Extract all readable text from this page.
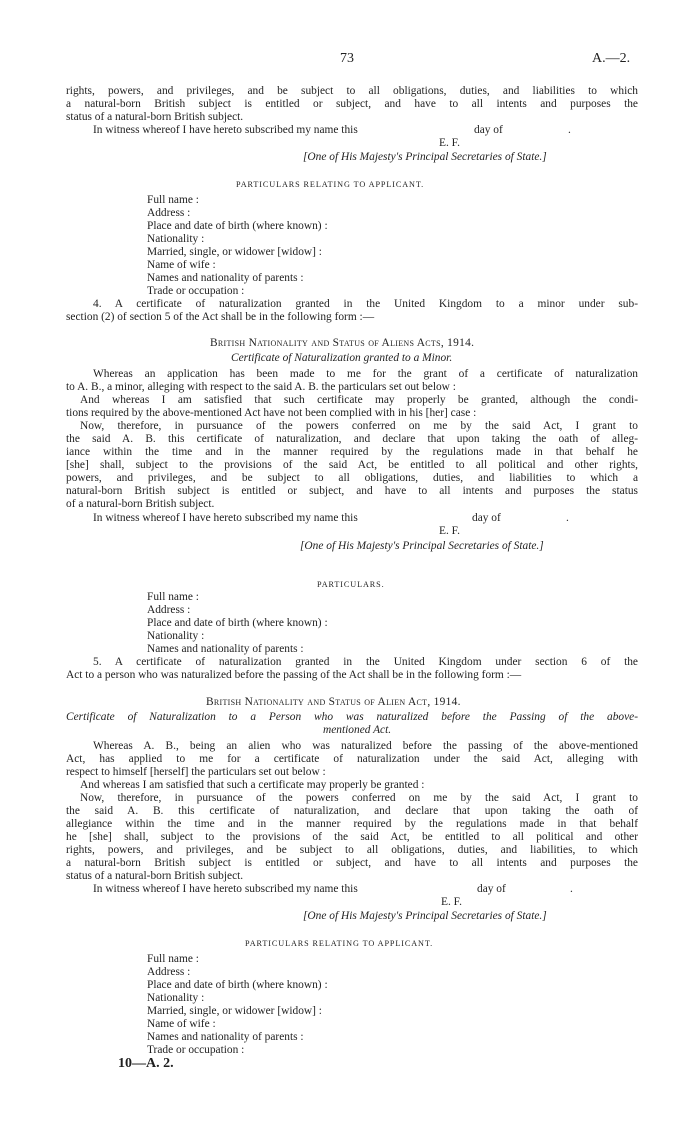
73	A.—2.
rights, powers, and privileges, and be subject to all obligations, duties, and liabilities to which
a natural-born British subject is entitled or subject, and have to all intents and purposes the
status of a natural-born British subject.
In witness whereof I have hereto subscribed my name this	day of	.
E. F.
[One of His Majesty's Principal Secretaries of State.]
PARTICULARS RELATING TO APPLICANT.
Full name :
Address :
Place and date of birth (where known) :
Nationality :
Married, single, or widower [widow] :
Name of wife :
Names and nationality of parents :
Trade or occupation :
4. A certificate of naturalization granted in the United Kingdom to a minor under sub-
section (2) of section 5 of the Act shall be in the following form :—
British Nationality and Status of Aliens Acts, 1914.
Certificate of Naturalization granted to a Minor.
Whereas an application has been made to me for the grant of a certificate of naturalization
to A. B., a minor, alleging with respect to the said A. B. the particulars set out below :
And whereas I am satisfied that such certificate may properly be granted, although the condi-
tions required by the above-mentioned Act have not been complied with in his [her] case :
Now, therefore, in pursuance of the powers conferred on me by the said Act, I grant to
the said A. B. this certificate of naturalization, and declare that upon taking the oath of alleg-
iance within the time and in the manner required by the regulations made in that behalf he
[she] shall, subject to the provisions of the said Act, be entitled to all political and other rights,
powers, and privileges, and be subject to all obligations, duties, and liabilities to which a
natural-born British subject is entitled or subject, and have to all intents and purposes the status
of a natural-born British subject.
In witness whereof I have hereto subscribed my name this	day of	.
E. F.
[One of His Majesty's Principal Secretaries of State.]
PARTICULARS.
Full name :
Address :
Place and date of birth (where known) :
Nationality :
Names and nationality of parents :
5. A certificate of naturalization granted in the United Kingdom under section 6 of the
Act to a person who was naturalized before the passing of the Act shall be in the following form :—
British Nationality and Status of Alien Act, 1914.
Certificate of Naturalization to a Person who was naturalized before the Passing of the above-
mentioned Act.
Whereas A. B., being an alien who was naturalized before the passing of the above-mentioned
Act, has applied to me for a certificate of naturalization under the said Act, alleging with
respect to himself [herself] the particulars set out below :
And whereas I am satisfied that such a certificate may properly be granted :
Now, therefore, in pursuance of the powers conferred on me by the said Act, I grant to
the said A. B. this certificate of naturalization, and declare that upon taking the oath of
allegiance within the time and in the manner required by the regulations made in that behalf
he [she] shall, subject to the provisions of the said Act, be entitled to all political and other
rights, powers, and privileges, and be subject to all obligations, duties, and liabilities, to which
a natural-born British subject is entitled or subject, and have to all intents and purposes the
status of a natural-born British subject.
In witness whereof I have hereto subscribed my name this	day of	.
E. F.
[One of His Majesty's Principal Secretaries of State.]
PARTICULARS RELATING TO APPLICANT.
Full name :
Address :
Place and date of birth (where known) :
Nationality :
Married, single, or widower [widow] :
Name of wife :
Names and nationality of parents :
Trade or occupation :
10—A. 2.
